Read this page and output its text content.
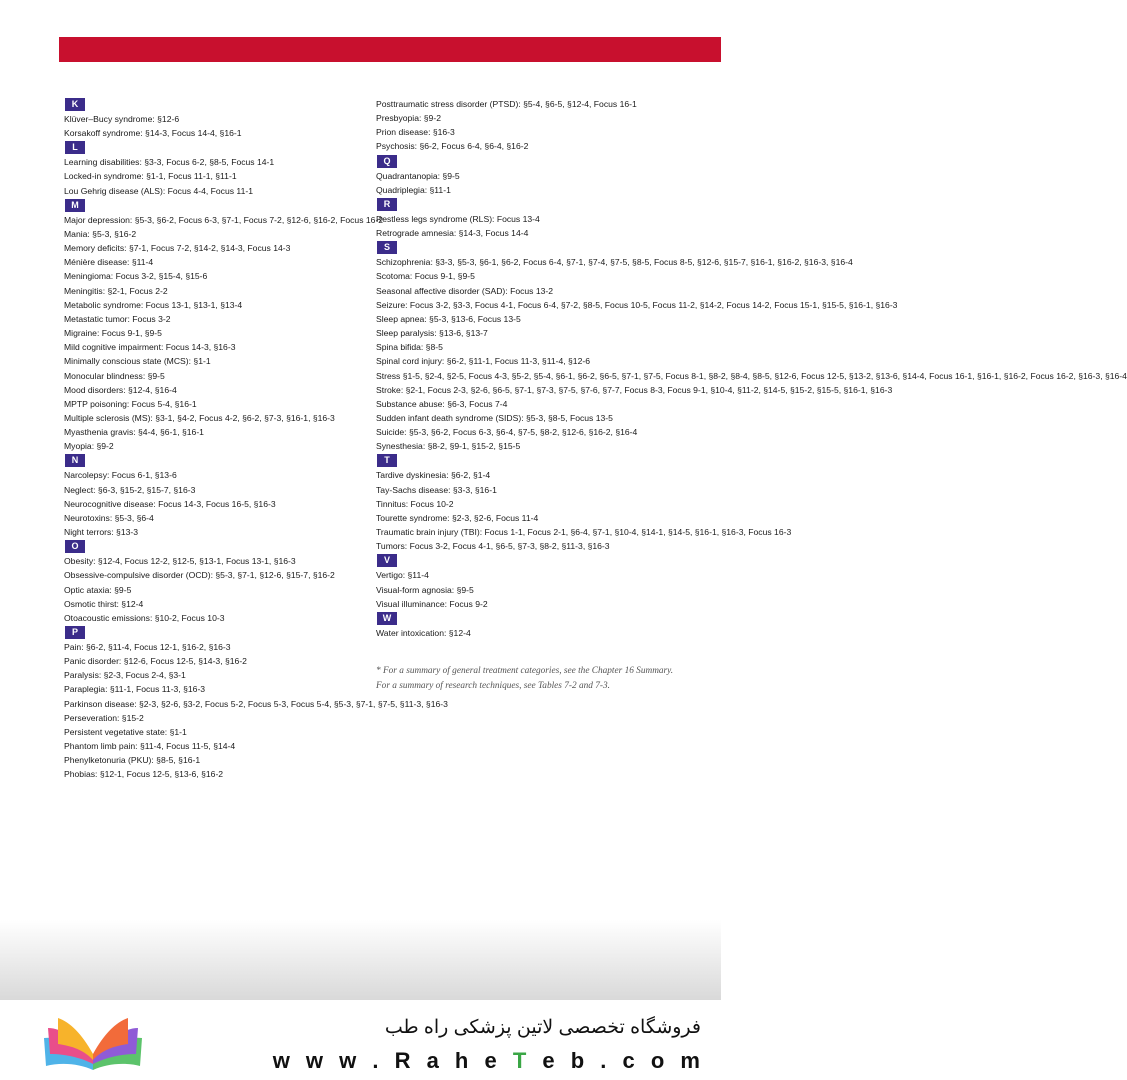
K
Klüver–Bucy syndrome: §12-6
Korsakoff syndrome: §14-3, Focus 14-4, §16-1
L
Learning disabilities: §3-3, Focus 6-2, §8-5, Focus 14-1
Locked-in syndrome: §1-1, Focus 11-1, §11-1
Lou Gehrig disease (ALS): Focus 4-4, Focus 11-1
M
Major depression: §5-3, §6-2, Focus 6-3, §7-1, Focus 7-2, §12-6, §16-2, Focus 16-2
Mania: §5-3, §16-2
Memory deficits: §7-1, Focus 7-2, §14-2, §14-3, Focus 14-3
Ménière disease: §11-4
Meningioma: Focus 3-2, §15-4, §15-6
Meningitis: §2-1, Focus 2-2
Metabolic syndrome: Focus 13-1, §13-1, §13-4
Metastatic tumor: Focus 3-2
Migraine: Focus 9-1, §9-5
Mild cognitive impairment: Focus 14-3, §16-3
Minimally conscious state (MCS): §1-1
Monocular blindness: §9-5
Mood disorders: §12-4, §16-4
MPTP poisoning: Focus 5-4, §16-1
Multiple sclerosis (MS): §3-1, §4-2, Focus 4-2, §6-2, §7-3, §16-1, §16-3
Myasthenia gravis: §4-4, §6-1, §16-1
Myopia: §9-2
N
Narcolepsy: Focus 6-1, §13-6
Neglect: §6-3, §15-2, §15-7, §16-3
Neurocognitive disease: Focus 14-3, Focus 16-5, §16-3
Neurotoxins: §5-3, §6-4
Night terrors: §13-3
O
Obesity: §12-4, Focus 12-2, §12-5, §13-1, Focus 13-1, §16-3
Obsessive-compulsive disorder (OCD): §5-3, §7-1, §12-6, §15-7, §16-2
Optic ataxia: §9-5
Osmotic thirst: §12-4
Otoacoustic emissions: §10-2, Focus 10-3
P
Pain: §6-2, §11-4, Focus 12-1, §16-2, §16-3
Panic disorder: §12-6, Focus 12-5, §14-3, §16-2
Paralysis: §2-3, Focus 2-4, §3-1
Paraplegia: §11-1, Focus 11-3, §16-3
Parkinson disease: §2-3, §2-6, §3-2, Focus 5-2, Focus 5-3, Focus 5-4, §5-3, §7-1, §7-5, §11-3, §16-3
Perseveration: §15-2
Persistent vegetative state: §1-1
Phantom limb pain: §11-4, Focus 11-5, §14-4
Phenylketonuria (PKU): §8-5, §16-1
Phobias: §12-1, Focus 12-5, §13-6, §16-2
Posttraumatic stress disorder (PTSD): §5-4, §6-5, §12-4, Focus 16-1
Presbyopia: §9-2
Prion disease: §16-3
Psychosis: §6-2, Focus 6-4, §6-4, §16-2
Q
Quadrantanopia: §9-5
Quadriplegia: §11-1
R
Restless legs syndrome (RLS): Focus 13-4
Retrograde amnesia: §14-3, Focus 14-4
S
Schizophrenia: §3-3, §5-3, §6-1, §6-2, Focus 6-4, §7-1, §7-4, §7-5, §8-5, Focus 8-5, §12-6, §15-7, §16-1, §16-2, §16-3, §16-4
Scotoma: Focus 9-1, §9-5
Seasonal affective disorder (SAD): Focus 13-2
Seizure: Focus 3-2, §3-3, Focus 4-1, Focus 6-4, §7-2, §8-5, Focus 10-5, Focus 11-2, §14-2, Focus 14-2, Focus 15-1, §15-5, §16-1, §16-3
Sleep apnea: §5-3, §13-6, Focus 13-5
Sleep paralysis: §13-6, §13-7
Spina bifida: §8-5
Spinal cord injury: §6-2, §11-1, Focus 11-3, §11-4, §12-6
Stress §1-5, §2-4, §2-5, Focus 4-3, §5-2, §5-4, §6-1, §6-2, §6-5, §7-1, §7-5, Focus 8-1, §8-2, §8-4, §8-5, §12-6, Focus 12-5, §13-2, §13-6, §14-4, Focus 16-1, §16-1, §16-2, Focus 16-2, §16-3, §16-4
Stroke: §2-1, Focus 2-3, §2-6, §6-5, §7-1, §7-3, §7-5, §7-6, §7-7, Focus 8-3, Focus 9-1, §10-4, §11-2, §14-5, §15-2, §15-5, §16-1, §16-3
Substance abuse: §6-3, Focus 7-4
Sudden infant death syndrome (SIDS): §5-3, §8-5, Focus 13-5
Suicide: §5-3, §6-2, Focus 6-3, §6-4, §7-5, §8-2, §12-6, §16-2, §16-4
Synesthesia: §8-2, §9-1, §15-2, §15-5
T
Tardive dyskinesia: §6-2, §1-4
Tay-Sachs disease: §3-3, §16-1
Tinnitus: Focus 10-2
Tourette syndrome: §2-3, §2-6, Focus 11-4
Traumatic brain injury (TBI): Focus 1-1, Focus 2-1, §6-4, §7-1, §10-4, §14-1, §14-5, §16-1, §16-3, Focus 16-3
Tumors: Focus 3-2, Focus 4-1, §6-5, §7-3, §8-2, §11-3, §16-3
V
Vertigo: §11-4
Visual-form agnosia: §9-5
Visual illuminance: Focus 9-2
W
Water intoxication: §12-4
* For a summary of general treatment categories, see the Chapter 16 Summary. For a summary of research techniques, see Tables 7-2 and 7-3.
فروشگاه تخصصی لاتین پزشکی راه طب
w w w . R a h e T e b . c o m
